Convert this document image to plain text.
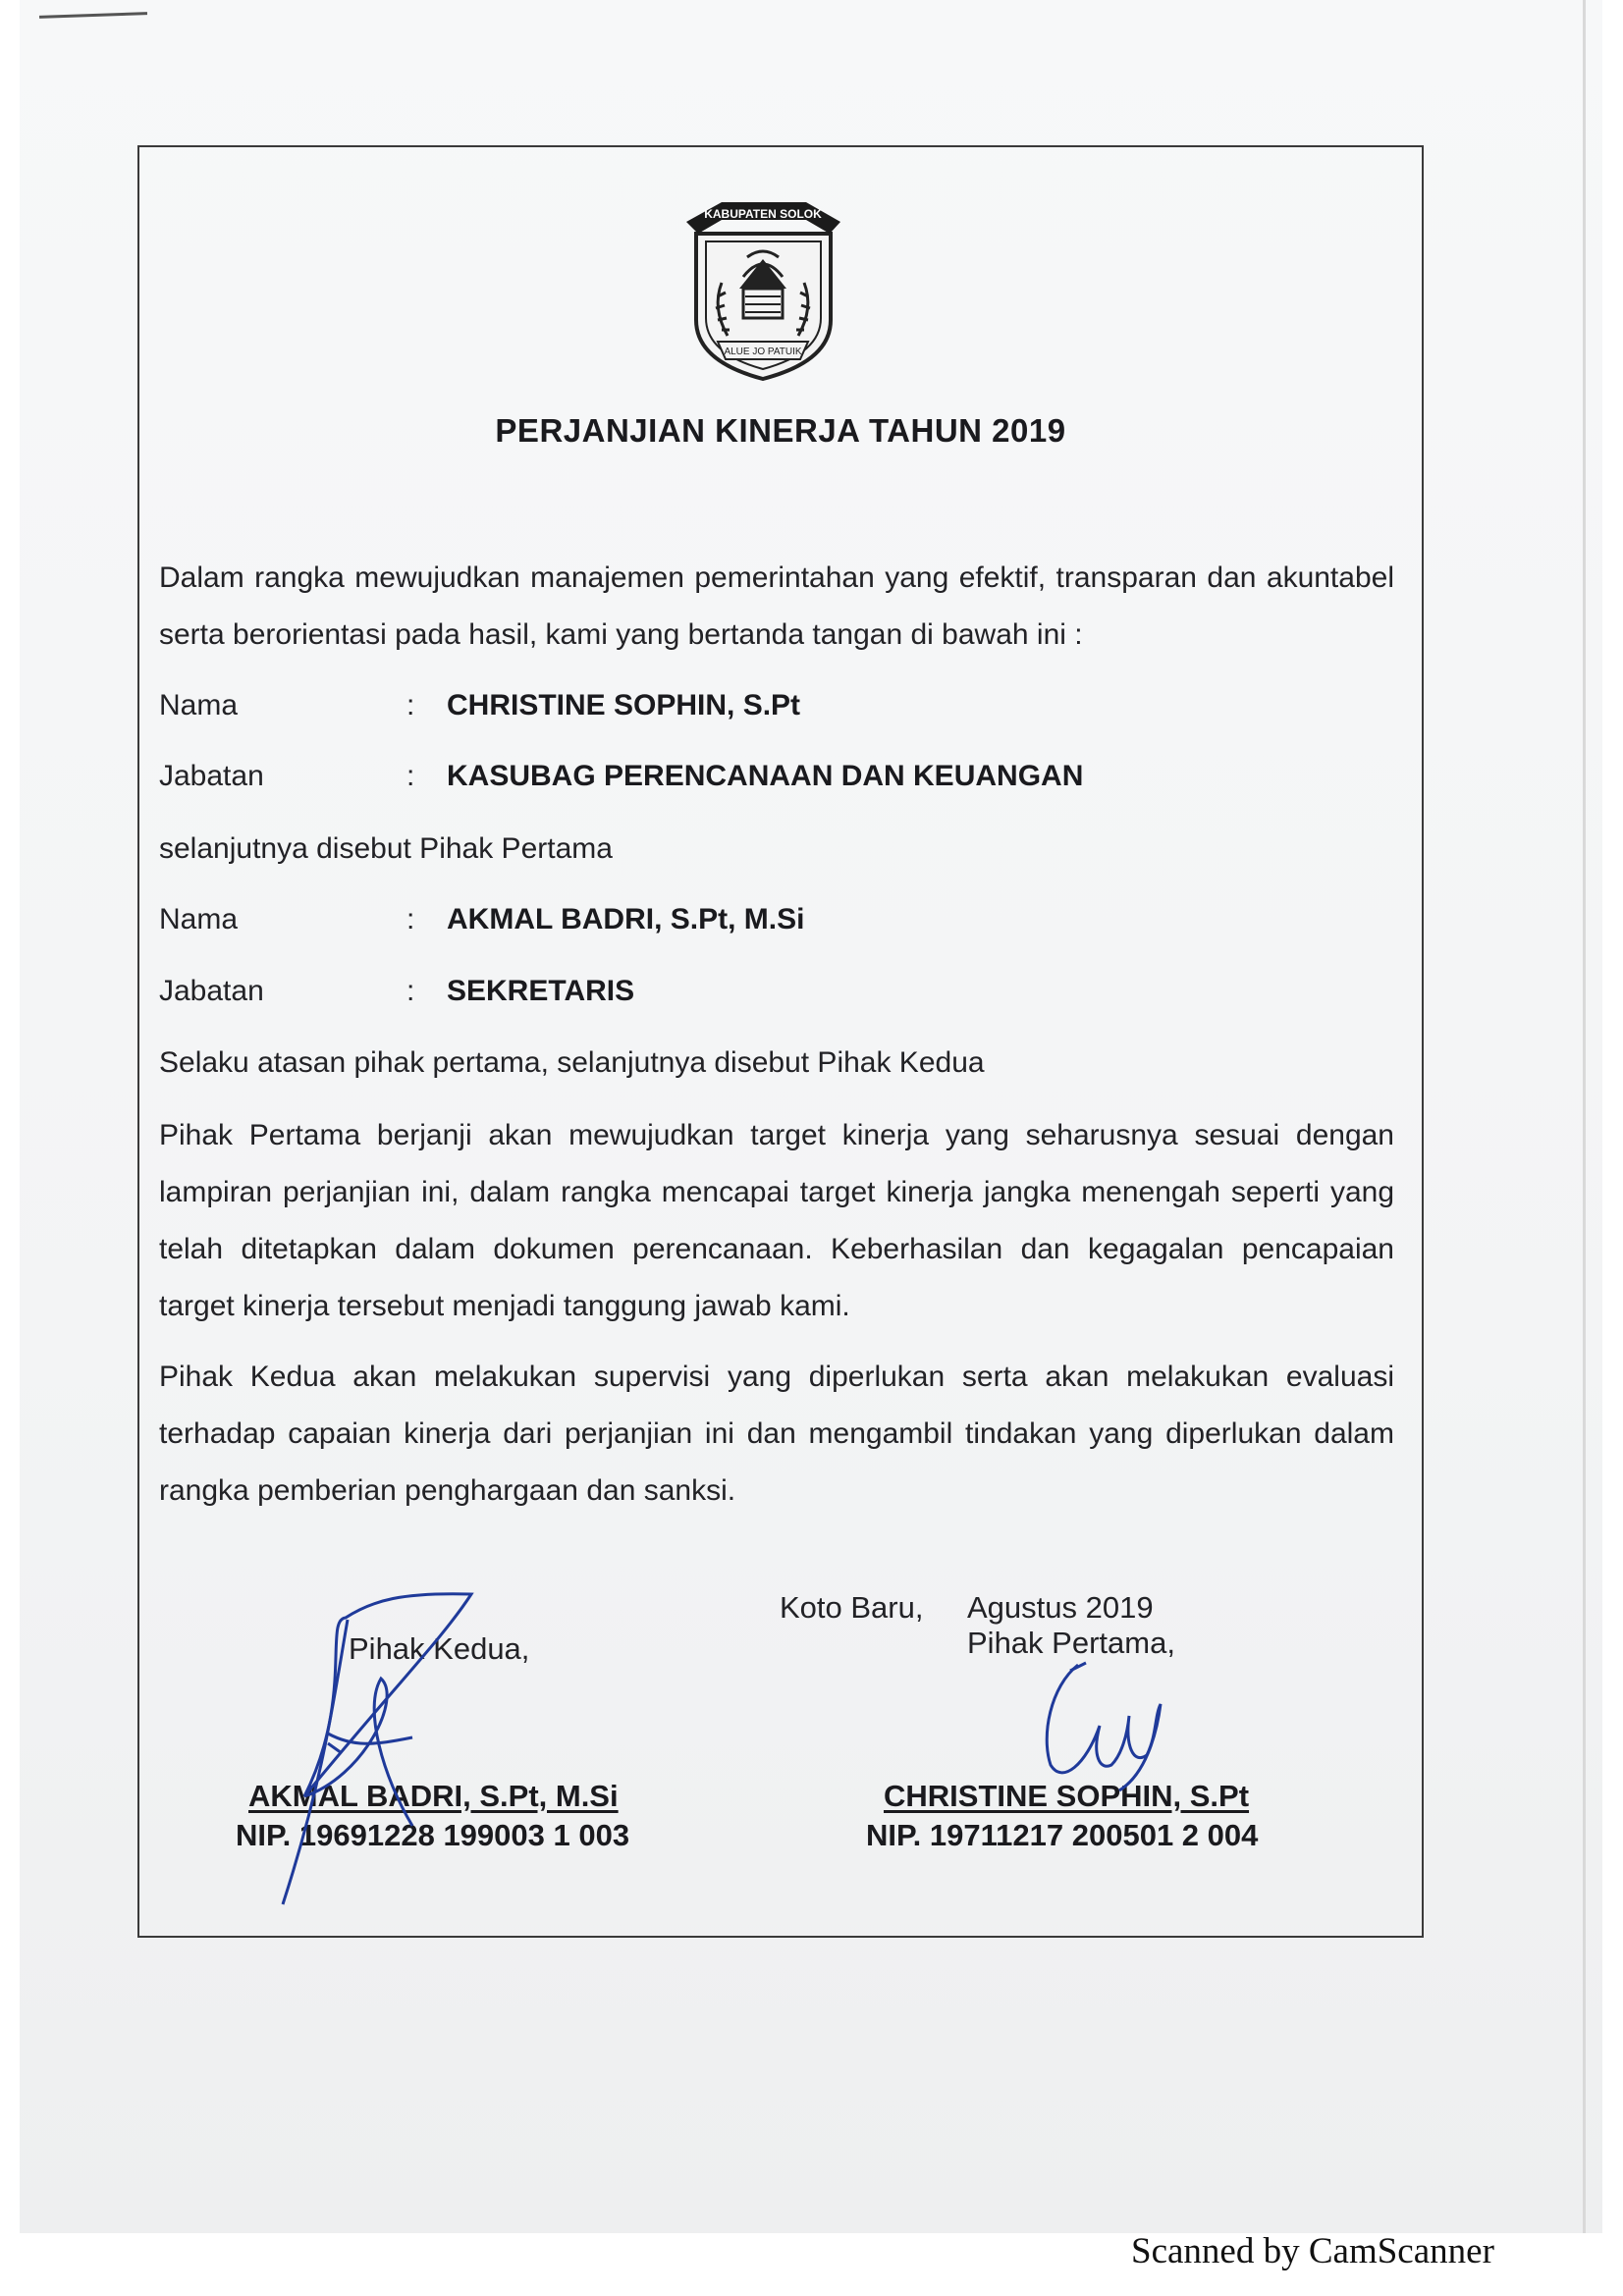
KABUPATEN SOLOK
ALUE JO PATUIK
PERJANJIAN KINERJA TAHUN 2019
Dalam rangka mewujudkan manajemen pemerintahan yang efektif, transparan dan akuntabel serta berorientasi pada hasil, kami yang bertanda tangan di bawah ini :
Nama	: CHRISTINE SOPHIN, S.Pt
Jabatan	: KASUBAG PERENCANAAN DAN KEUANGAN
selanjutnya disebut Pihak Pertama
Nama	: AKMAL BADRI, S.Pt, M.Si
Jabatan	: SEKRETARIS
Selaku atasan pihak pertama, selanjutnya disebut Pihak Kedua
Pihak Pertama berjanji akan mewujudkan target kinerja yang seharusnya sesuai dengan lampiran perjanjian ini, dalam rangka mencapai target kinerja jangka menengah seperti yang telah ditetapkan dalam dokumen perencanaan. Keberhasilan dan kegagalan pencapaian target kinerja tersebut menjadi tanggung jawab kami.
Pihak Kedua akan melakukan supervisi yang diperlukan serta akan melakukan evaluasi terhadap capaian kinerja dari perjanjian ini dan mengambil tindakan yang diperlukan dalam rangka pemberian penghargaan dan sanksi.
Koto Baru, Agustus 2019
Pihak Kedua,	Pihak Pertama,
AKMAL BADRI, S.Pt, M.Si
NIP. 19691228 199003 1 003
CHRISTINE SOPHIN, S.Pt
NIP. 19711217 200501 2 004
Scanned by CamScanner
